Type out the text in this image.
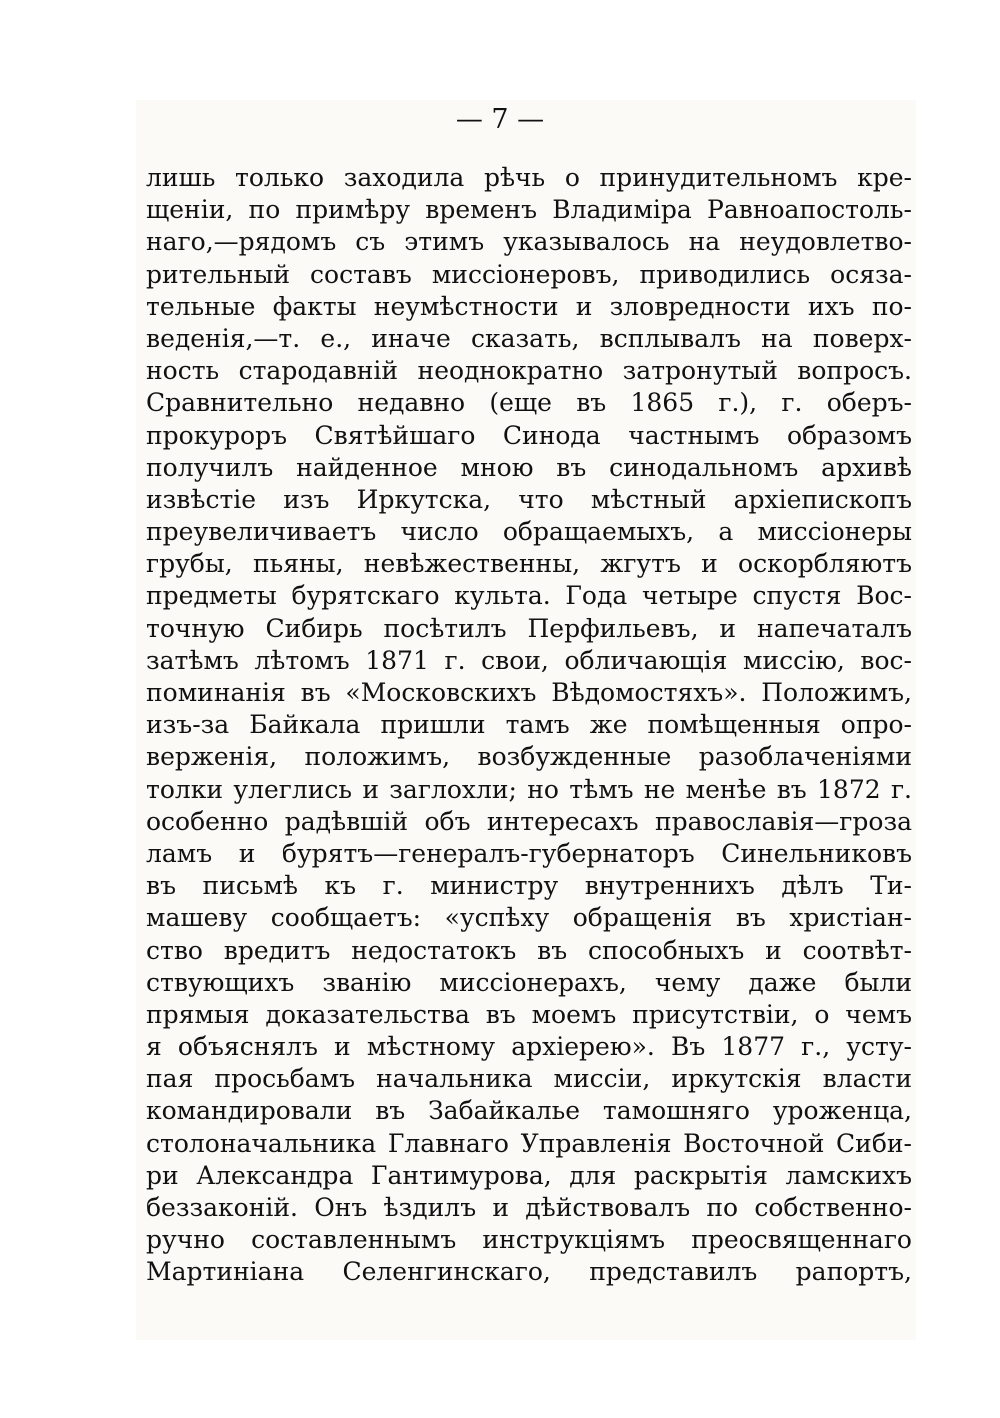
— 7 —

лишь только заходила рѣчь о принудительномъ кре-
щеніи, по примѣру временъ Владиміра Равноапостоль-
наго,—рядомъ съ этимъ указывалось на неудовлетво-
рительный составъ миссіонеровъ, приводились осяза-
тельные факты неумѣстности и зловредности ихъ по-
веденія,—т. е., иначе сказать, всплывалъ на поверх-
ность стародавній неоднократно затронутый вопросъ.
Сравнительно недавно (еще въ 1865 г.), г. оберъ-
прокуроръ Святѣйшаго Синода частнымъ образомъ
получилъ найденное мною въ синодальномъ архивѣ
извѣстіе изъ Иркутска, что мѣстный архіепископъ
преувеличиваетъ число обращаемыхъ, а миссіонеры
грубы, пьяны, невѣжественны, жгутъ и оскорбляютъ
предметы бурятскаго культа. Года четыре спустя Вос-
точную Сибирь посѣтилъ Перфильевъ, и напечаталъ
затѣмъ лѣтомъ 1871 г. свои, обличающія миссію, вос-
поминанія въ «Московскихъ Вѣдомостяхъ». Положимъ,
изъ-за Байкала пришли тамъ же помѣщенныя опро-
верженія, положимъ, возбужденные разоблаченіями
толки улеглись и заглохли; но тѣмъ не менѣе въ 1872 г.
особенно радѣвшій объ интересахъ православія—гроза
ламъ и бурятъ—генералъ-губернаторъ Синельниковъ
въ письмѣ къ г. министру внутреннихъ дѣлъ Ти-
машеву сообщаетъ: «успѣху обращенія въ христіан-
ство вредитъ недостатокъ въ способныхъ и соотвѣт-
ствующихъ званію миссіонерахъ, чему даже были
прямыя доказательства въ моемъ присутствіи, о чемъ
я объяснялъ и мѣстному архіерею». Въ 1877 г., усту-
пая просьбамъ начальника миссіи, иркутскія власти
командировали въ Забайкалье тамошняго уроженца,
столоначальника Главнаго Управленія Восточной Сиби-
ри Александра Гантимурова, для раскрытія ламскихъ
беззаконій. Онъ ѣздилъ и дѣйствовалъ по собственно-
ручно составленнымъ инструкціямъ преосвященнаго
Мартиніана Селенгинскаго, представилъ рапортъ,
